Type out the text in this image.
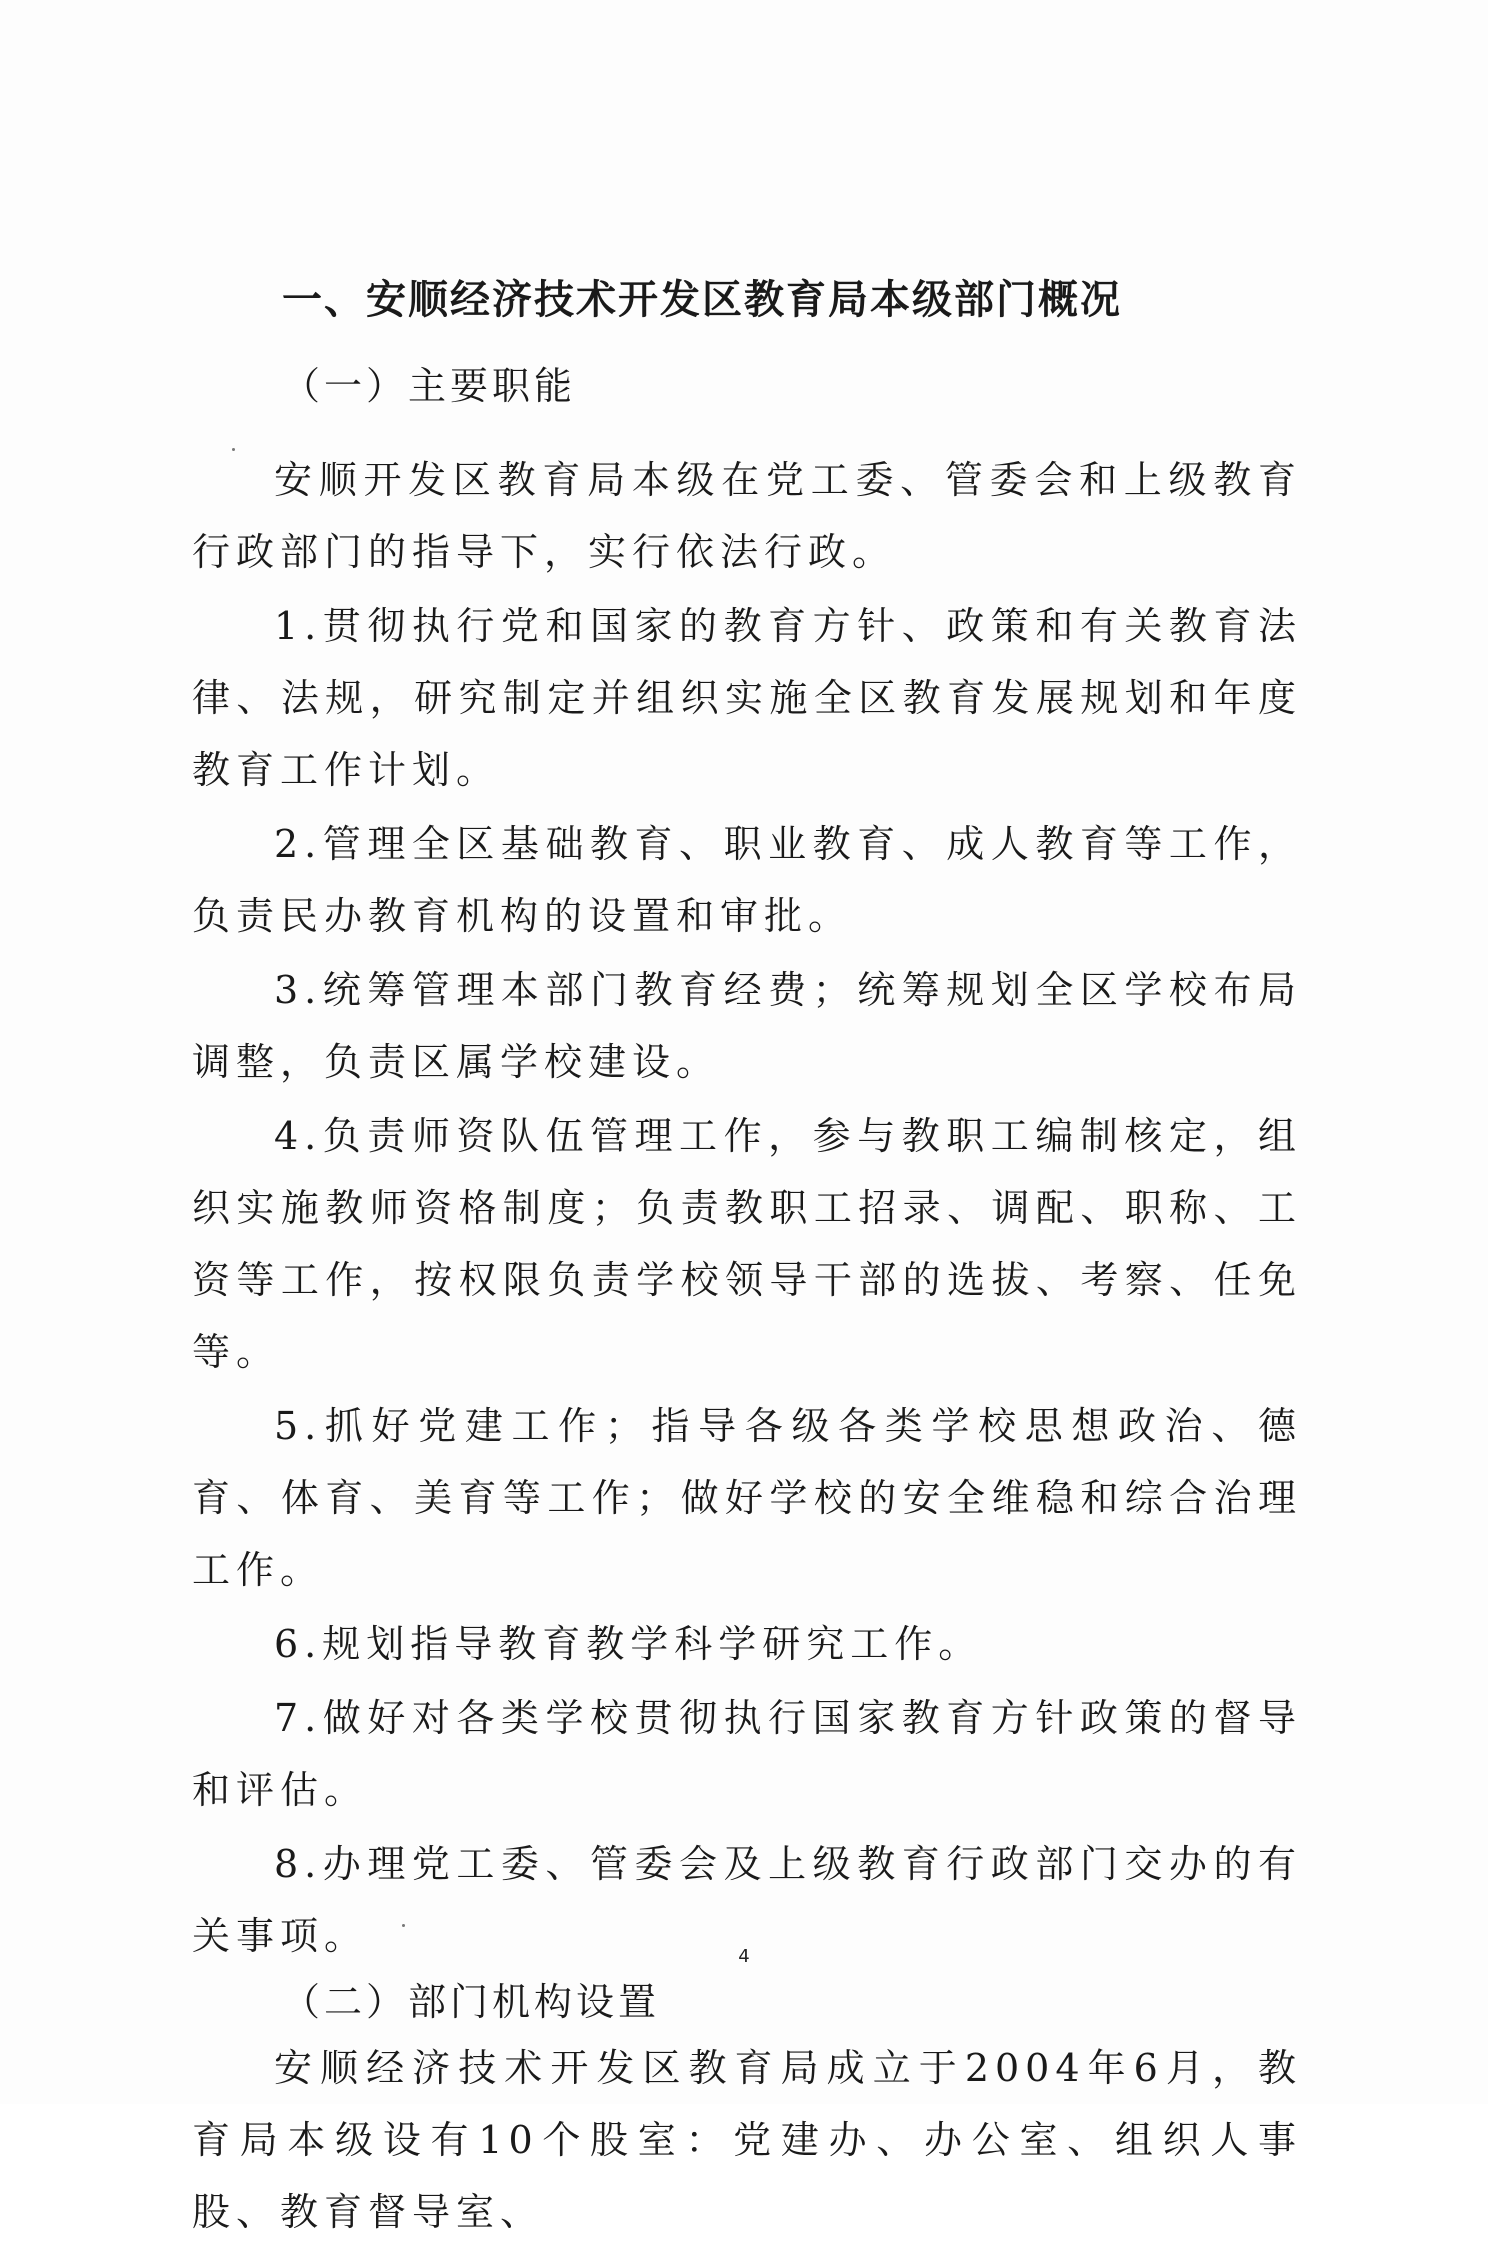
一、安顺经济技术开发区教育局本级部门概况

（一）主要职能

安顺开发区教育局本级在党工委、管委会和上级教育行政部门的指导下，实行依法行政。

1.贯彻执行党和国家的教育方针、政策和有关教育法律、法规，研究制定并组织实施全区教育发展规划和年度教育工作计划。

2.管理全区基础教育、职业教育、成人教育等工作，负责民办教育机构的设置和审批。

3.统筹管理本部门教育经费；统筹规划全区学校布局调整，负责区属学校建设。

4.负责师资队伍管理工作，参与教职工编制核定，组织实施教师资格制度；负责教职工招录、调配、职称、工资等工作，按权限负责学校领导干部的选拔、考察、任免等。

5.抓好党建工作；指导各级各类学校思想政治、德育、体育、美育等工作；做好学校的安全维稳和综合治理工作。

6.规划指导教育教学科学研究工作。

7.做好对各类学校贯彻执行国家教育方针政策的督导和评估。

8.办理党工委、管委会及上级教育行政部门交办的有关事项。

（二）部门机构设置

安顺经济技术开发区教育局成立于2004年6月，教育局本级设有10个股室：党建办、办公室、组织人事股、教育督导室、

4
